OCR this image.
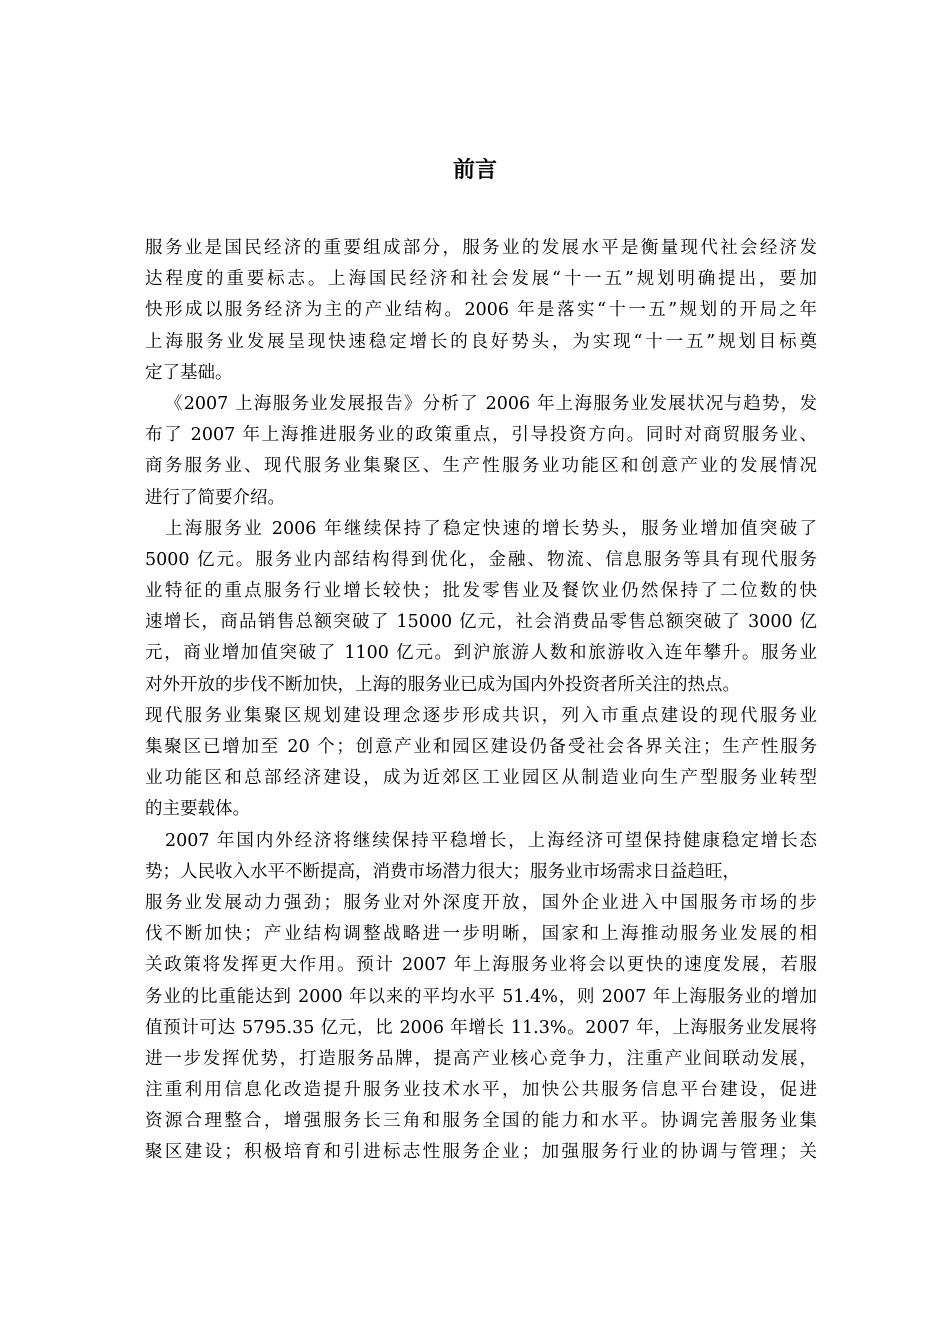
前言
服务业是国民经济的重要组成部分，服务业的发展水平是衡量现代社会经济发
达程度的重要标志。上海国民经济和社会发展“十一五”规划明确提出，要加
快形成以服务经济为主的产业结构。2006 年是落实“十一五”规划的开局之年
上海服务业发展呈现快速稳定增长的良好势头，为实现“十一五”规划目标奠
定了基础。
《2007 上海服务业发展报告》分析了 2006 年上海服务业发展状况与趋势，发
布了 2007 年上海推进服务业的政策重点，引导投资方向。同时对商贸服务业、
商务服务业、现代服务业集聚区、生产性服务业功能区和创意产业的发展情况
进行了简要介绍。
上海服务业 2006 年继续保持了稳定快速的增长势头，服务业增加值突破了
5000 亿元。服务业内部结构得到优化，金融、物流、信息服务等具有现代服务
业特征的重点服务行业增长较快；批发零售业及餐饮业仍然保持了二位数的快
速增长，商品销售总额突破了 15000 亿元，社会消费品零售总额突破了 3000 亿
元，商业增加值突破了 1100 亿元。到沪旅游人数和旅游收入连年攀升。服务业
对外开放的步伐不断加快，上海的服务业已成为国内外投资者所关注的热点。
现代服务业集聚区规划建设理念逐步形成共识，列入市重点建设的现代服务业
集聚区已增加至 20 个；创意产业和园区建设仍备受社会各界关注；生产性服务
业功能区和总部经济建设，成为近郊区工业园区从制造业向生产型服务业转型
的主要载体。
2007 年国内外经济将继续保持平稳增长，上海经济可望保持健康稳定增长态
势；人民收入水平不断提高，消费市场潜力很大；服务业市场需求日益趋旺，
服务业发展动力强劲；服务业对外深度开放，国外企业进入中国服务市场的步
伐不断加快；产业结构调整战略进一步明晰，国家和上海推动服务业发展的相
关政策将发挥更大作用。预计 2007 年上海服务业将会以更快的速度发展，若服
务业的比重能达到 2000 年以来的平均水平 51.4%，则 2007 年上海服务业的增加
值预计可达 5795.35 亿元，比 2006 年增长 11.3%。2007 年，上海服务业发展将
进一步发挥优势，打造服务品牌，提高产业核心竞争力，注重产业间联动发展，
注重利用信息化改造提升服务业技术水平，加快公共服务信息平台建设，促进
资源合理整合，增强服务长三角和服务全国的能力和水平。协调完善服务业集
聚区建设；积极培育和引进标志性服务企业；加强服务行业的协调与管理；关
